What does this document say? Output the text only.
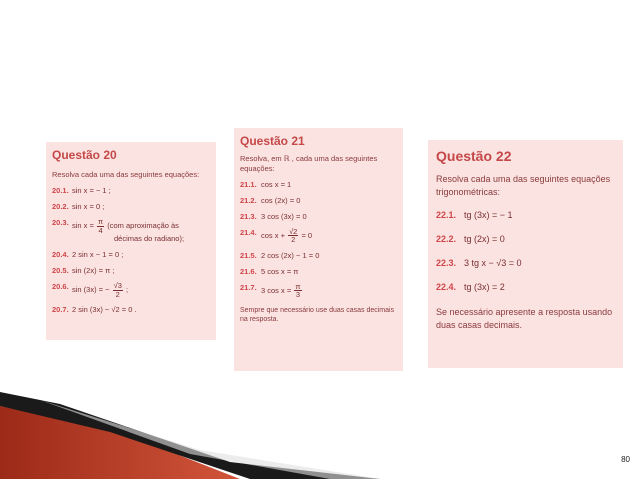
Questão 20
Resolva cada uma das seguintes equações:
20.1. sin x = − 1 ;
20.2. sin x = 0 ;
20.3. $\sin x = \frac{\pi}{4} (com$ aproximação às
décimas do radiano);
20.4. 2 sin x − 1 = 0 ;
20.5. sin (2x) = π ;
20.6. sin (3x) = − $\frac{√3}{2}$ ;
20.7. 2 sin (3x) − √2 = 0 .
Questão 21
Resolva, em ℝ , cada uma das seguintes equações:
21.1. cos x = 1
21.2. cos (2x) = 0
21.3. 3 cos (3x) = 0
21.4. $\cos x + \frac{√2}{2} = 0$
21.5. 2 cos (2x) − 1 = 0
21.6. 5 cos x = π
21.7. 3 $\cos x = \frac{\pi}{3}$
Sempre que necessário use duas casas decimais na resposta.
Questão 22
Resolva cada uma das seguintes equações trigonométricas:
22.1. tg (3x) = − 1
22.2. tg (2x) = 0
22.3. 3 tg x − √3 = 0
22.4. tg (3x) = 2
Se necessário apresente a resposta usando duas casas decimais.
80
